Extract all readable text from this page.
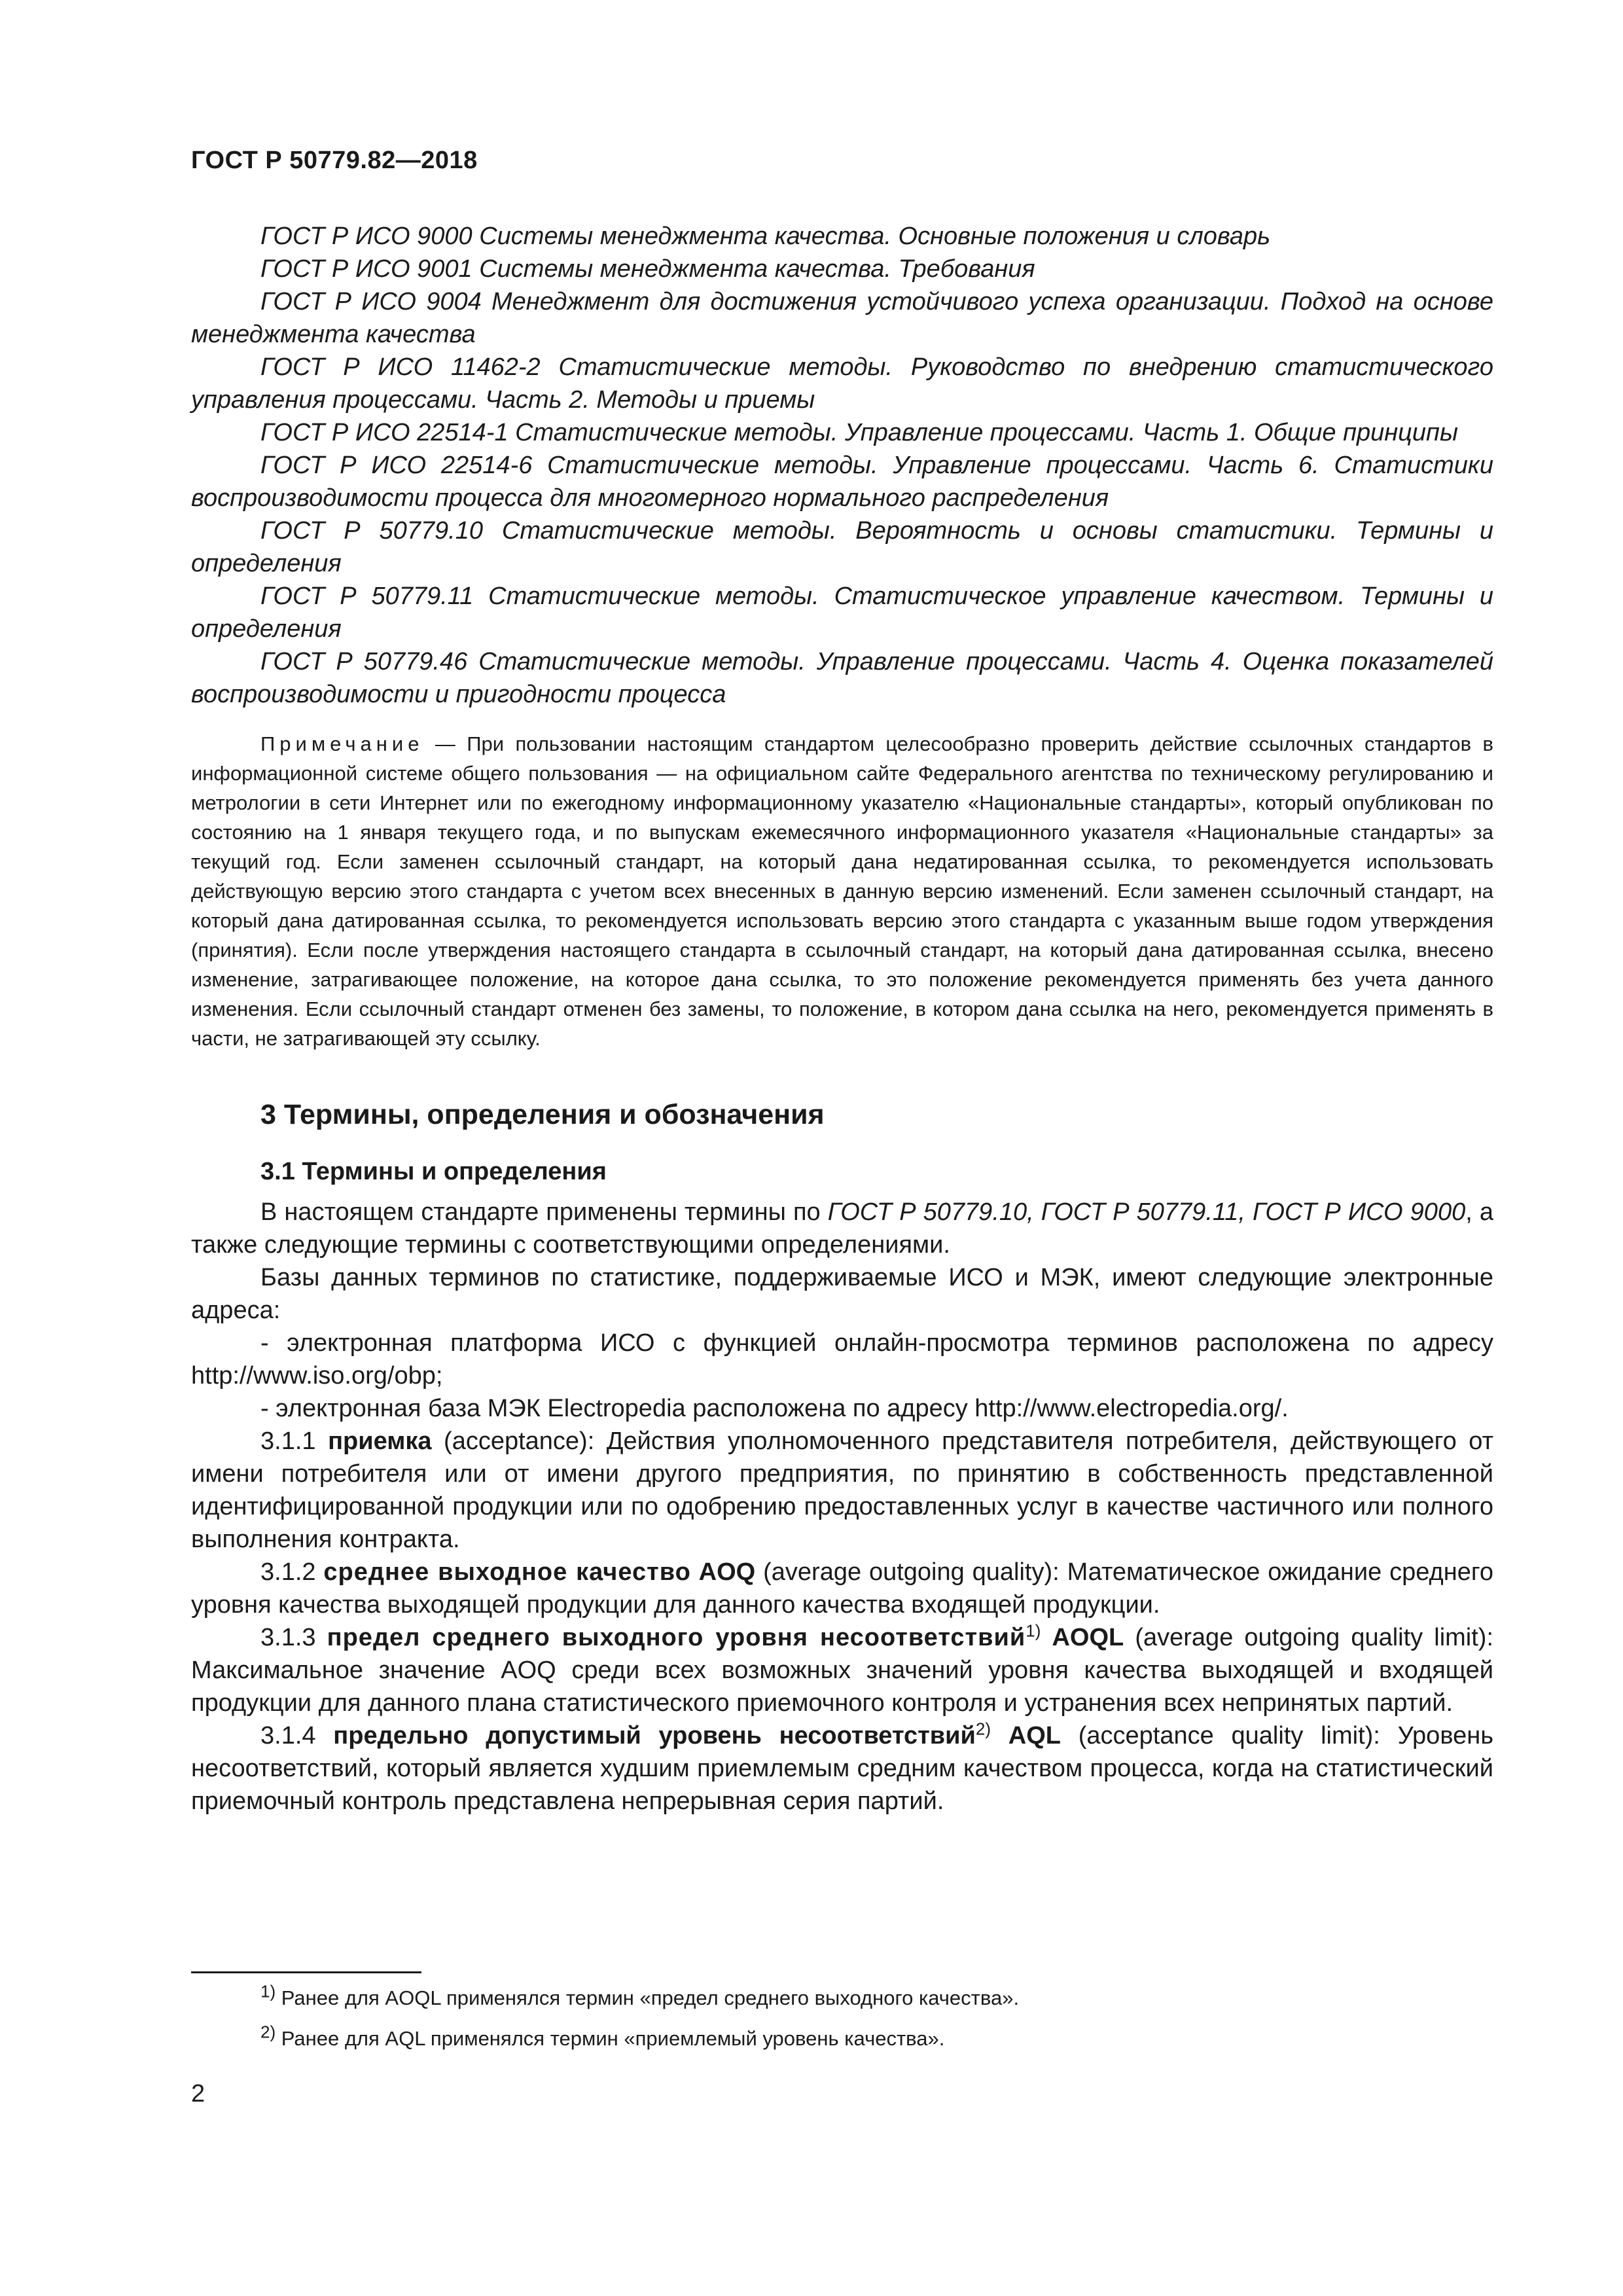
ГОСТ Р 50779.82—2018

ГОСТ Р ИСО 9000 Системы менеджмента качества. Основные положения и словарь

ГОСТ Р ИСО 9001 Системы менеджмента качества. Требования

ГОСТ Р ИСО 9004 Менеджмент для достижения устойчивого успеха организации. Подход на основе менеджмента качества

ГОСТ Р ИСО 11462-2 Статистические методы. Руководство по внедрению статистического управления процессами. Часть 2. Методы и приемы

ГОСТ Р ИСО 22514-1 Статистические методы. Управление процессами. Часть 1. Общие принципы

ГОСТ Р ИСО 22514-6 Статистические методы. Управление процессами. Часть 6. Статистики воспроизводимости процесса для многомерного нормального распределения

ГОСТ Р 50779.10 Статистические методы. Вероятность и основы статистики. Термины и определения

ГОСТ Р 50779.11 Статистические методы. Статистическое управление качеством. Термины и определения

ГОСТ Р 50779.46 Статистические методы. Управление процессами. Часть 4. Оценка показателей воспроизводимости и пригодности процесса

Примечание — При пользовании настоящим стандартом целесообразно проверить действие ссылочных стандартов в информационной системе общего пользования — на официальном сайте Федерального агентства по техническому регулированию и метрологии в сети Интернет или по ежегодному информационному указателю «Национальные стандарты», который опубликован по состоянию на 1 января текущего года, и по выпускам ежемесячного информационного указателя «Национальные стандарты» за текущий год. Если заменен ссылочный стандарт, на который дана недатированная ссылка, то рекомендуется использовать действующую версию этого стандарта с учетом всех внесенных в данную версию изменений. Если заменен ссылочный стандарт, на который дана датированная ссылка, то рекомендуется использовать версию этого стандарта с указанным выше годом утверждения (принятия). Если после утверждения настоящего стандарта в ссылочный стандарт, на который дана датированная ссылка, внесено изменение, затрагивающее положение, на которое дана ссылка, то это положение рекомендуется применять без учета данного изменения. Если ссылочный стандарт отменен без замены, то положение, в котором дана ссылка на него, рекомендуется применять в части, не затрагивающей эту ссылку.
3 Термины, определения и обозначения
3.1 Термины и определения

В настоящем стандарте применены термины по ГОСТ Р 50779.10, ГОСТ Р 50779.11, ГОСТ Р ИСО 9000, а также следующие термины с соответствующими определениями.

Базы данных терминов по статистике, поддерживаемые ИСО и МЭК, имеют следующие электронные адреса:

- электронная платформа ИСО с функцией онлайн-просмотра терминов расположена по адресу http://www.iso.org/obp;

- электронная база МЭК Electropedia расположена по адресу http://www.electropedia.org/.

3.1.1 приемка (acceptance): Действия уполномоченного представителя потребителя, действующего от имени потребителя или от имени другого предприятия, по принятию в собственность представленной идентифицированной продукции или по одобрению предоставленных услуг в качестве частичного или полного выполнения контракта.

3.1.2 среднее выходное качество AOQ (average outgoing quality): Математическое ожидание среднего уровня качества выходящей продукции для данного качества входящей продукции.

3.1.3 предел среднего выходного уровня несоответствий$^{1)}$ AOQL (average outgoing quality limit): Максимальное значение AOQ среди всех возможных значений уровня качества выходящей и входящей продукции для данного плана статистического приемочного контроля и устранения всех непринятых партий.

3.1.4 предельно допустимый уровень несоответствий$^{2)}$ AQL (acceptance quality limit): Уровень несоответствий, который является худшим приемлемым средним качеством процесса, когда на статистический приемочный контроль представлена непрерывная серия партий.

$^{1)}$ Ранее для AOQL применялся термин «предел среднего выходного качества».

$^{2)}$ Ранее для AQL применялся термин «приемлемый уровень качества».

2
